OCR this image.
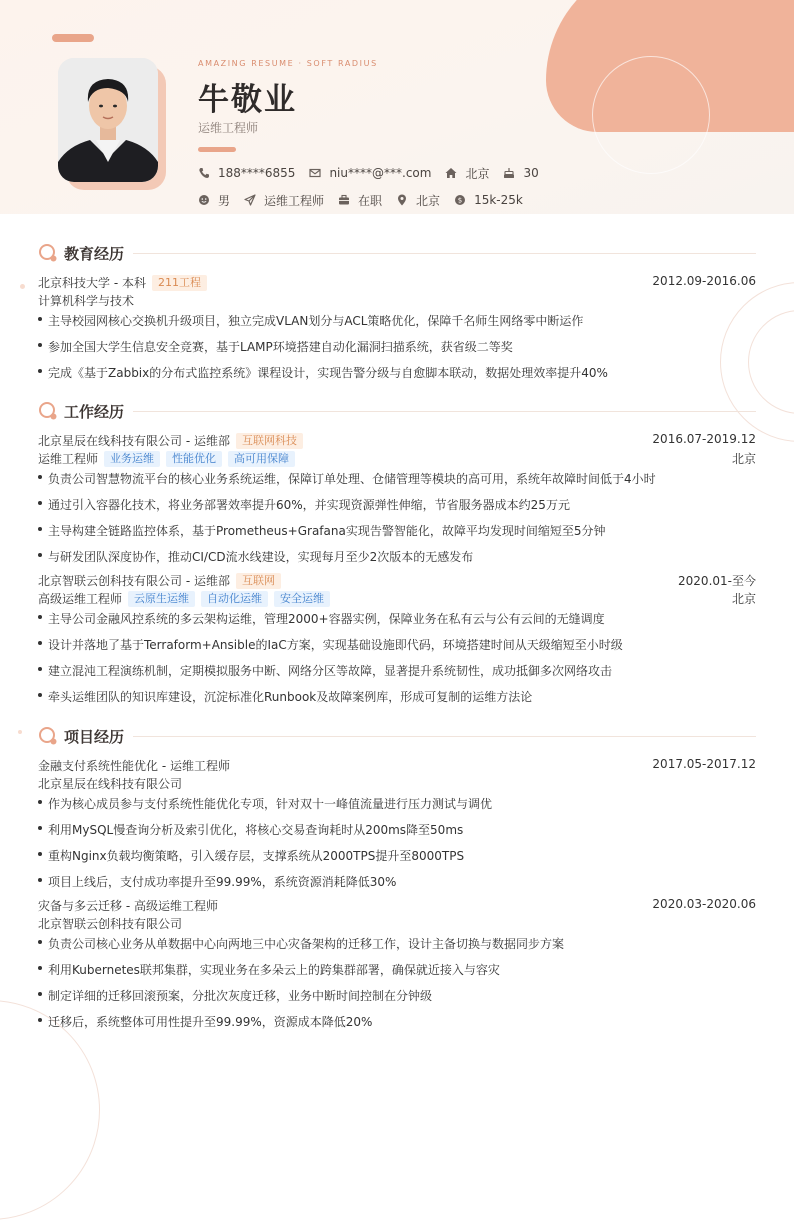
AMAZING RESUME · SOFT RADIUS
牛敬业
运维工程师
188****6855	niu****@***.com	北京	30
男	运维工程师	在职	北京	$ 15k-25k
教育经历
北京科技大学 - 本科	211工程	2012.09-2016.06
计算机科学与技术
主导校园网核心交换机升级项目，独立完成VLAN划分与ACL策略优化，保障千名师生网络零中断运作
参加全国大学生信息安全竞赛，基于LAMP环境搭建自动化漏洞扫描系统，获省级二等奖
完成《基于Zabbix的分布式监控系统》课程设计，实现告警分级与自愈脚本联动，数据处理效率提升40%
工作经历
北京星辰在线科技有限公司 - 运维部	互联网科技	2016.07-2019.12
运维工程师	业务运维	性能优化	高可用保障	北京
负责公司智慧物流平台的核心业务系统运维，保障订单处理、仓储管理等模块的高可用，系统年故障时间低于4小时
通过引入容器化技术，将业务部署效率提升60%，并实现资源弹性伸缩，节省服务器成本约25万元
主导构建全链路监控体系，基于Prometheus+Grafana实现告警智能化，故障平均发现时间缩短至5分钟
与研发团队深度协作，推动CI/CD流水线建设，实现每月至少2次版本的无感发布
北京智联云创科技有限公司 - 运维部	互联网	2020.01-至今
高级运维工程师	云原生运维	自动化运维	安全运维	北京
主导公司金融风控系统的多云架构运维，管理2000+容器实例，保障业务在私有云与公有云间的无缝调度
设计并落地了基于Terraform+Ansible的IaC方案，实现基础设施即代码，环境搭建时间从天级缩短至小时级
建立混沌工程演练机制，定期模拟服务中断、网络分区等故障，显著提升系统韧性，成功抵御多次网络攻击
牵头运维团队的知识库建设，沉淀标准化Runbook及故障案例库，形成可复制的运维方法论
项目经历
金融支付系统性能优化 - 运维工程师	2017.05-2017.12
北京星辰在线科技有限公司
作为核心成员参与支付系统性能优化专项，针对双十一峰值流量进行压力测试与调优
利用MySQL慢查询分析及索引优化，将核心交易查询耗时从200ms降至50ms
重构Nginx负载均衡策略，引入缓存层，支撑系统从2000TPS提升至8000TPS
项目上线后，支付成功率提升至99.99%，系统资源消耗降低30%
灾备与多云迁移 - 高级运维工程师	2020.03-2020.06
北京智联云创科技有限公司
负责公司核心业务从单数据中心向两地三中心灾备架构的迁移工作，设计主备切换与数据同步方案
利用Kubernetes联邦集群，实现业务在多朵云上的跨集群部署，确保就近接入与容灾
制定详细的迁移回滚预案，分批次灰度迁移，业务中断时间控制在分钟级
迁移后，系统整体可用性提升至99.99%，资源成本降低20%
